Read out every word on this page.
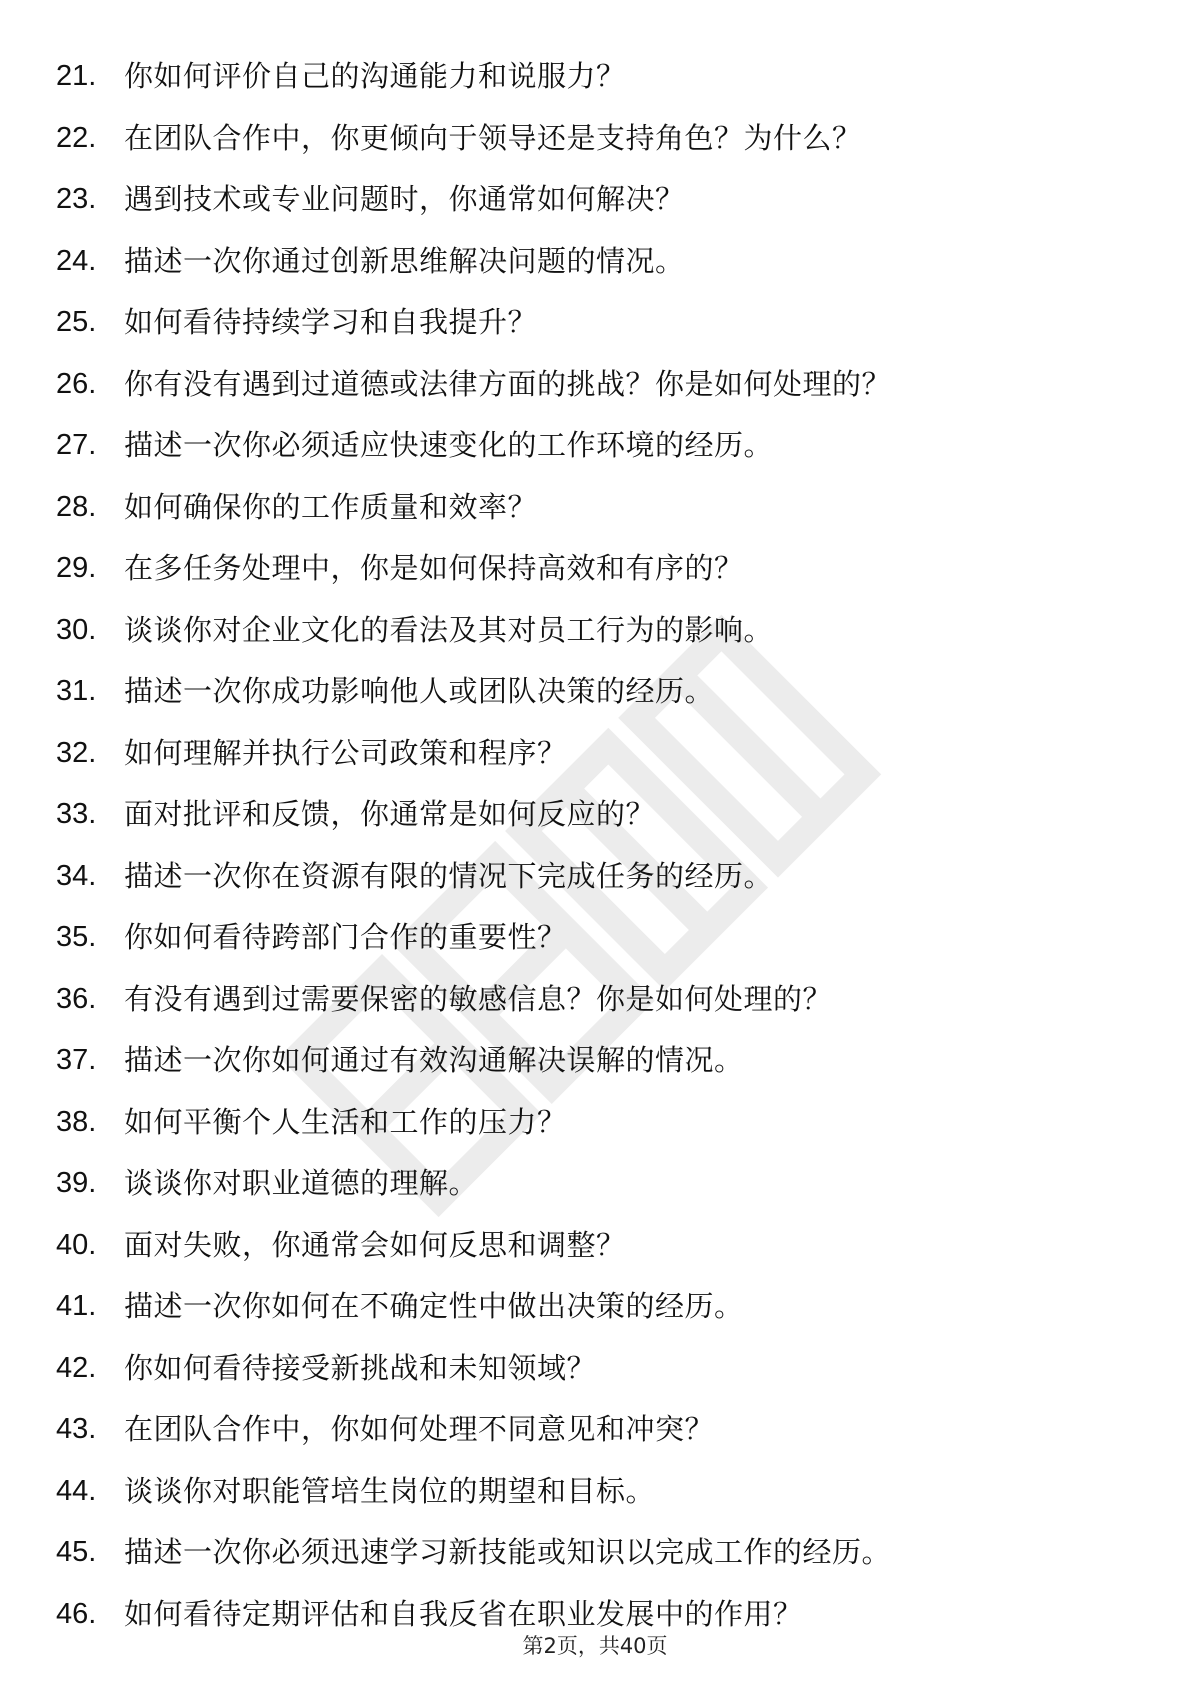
21. 你如何评价自己的沟通能力和说服力？
22. 在团队合作中，你更倾向于领导还是支持角色？为什么？
23. 遇到技术或专业问题时，你通常如何解决？
24. 描述一次你通过创新思维解决问题的情况。
25. 如何看待持续学习和自我提升？
26. 你有没有遇到过道德或法律方面的挑战？你是如何处理的？
27. 描述一次你必须适应快速变化的工作环境的经历。
28. 如何确保你的工作质量和效率？
29. 在多任务处理中，你是如何保持高效和有序的？
30. 谈谈你对企业文化的看法及其对员工行为的影响。
31. 描述一次你成功影响他人或团队决策的经历。
32. 如何理解并执行公司政策和程序？
33. 面对批评和反馈，你通常是如何反应的？
34. 描述一次你在资源有限的情况下完成任务的经历。
35. 你如何看待跨部门合作的重要性？
36. 有没有遇到过需要保密的敏感信息？你是如何处理的？
37. 描述一次你如何通过有效沟通解决误解的情况。
38. 如何平衡个人生活和工作的压力？
39. 谈谈你对职业道德的理解。
40. 面对失败，你通常会如何反思和调整？
41. 描述一次你如何在不确定性中做出决策的经历。
42. 你如何看待接受新挑战和未知领域？
43. 在团队合作中，你如何处理不同意见和冲突？
44. 谈谈你对职能管培生岗位的期望和目标。
45. 描述一次你必须迅速学习新技能或知识以完成工作的经历。
46. 如何看待定期评估和自我反省在职业发展中的作用？
第2页，共40页
